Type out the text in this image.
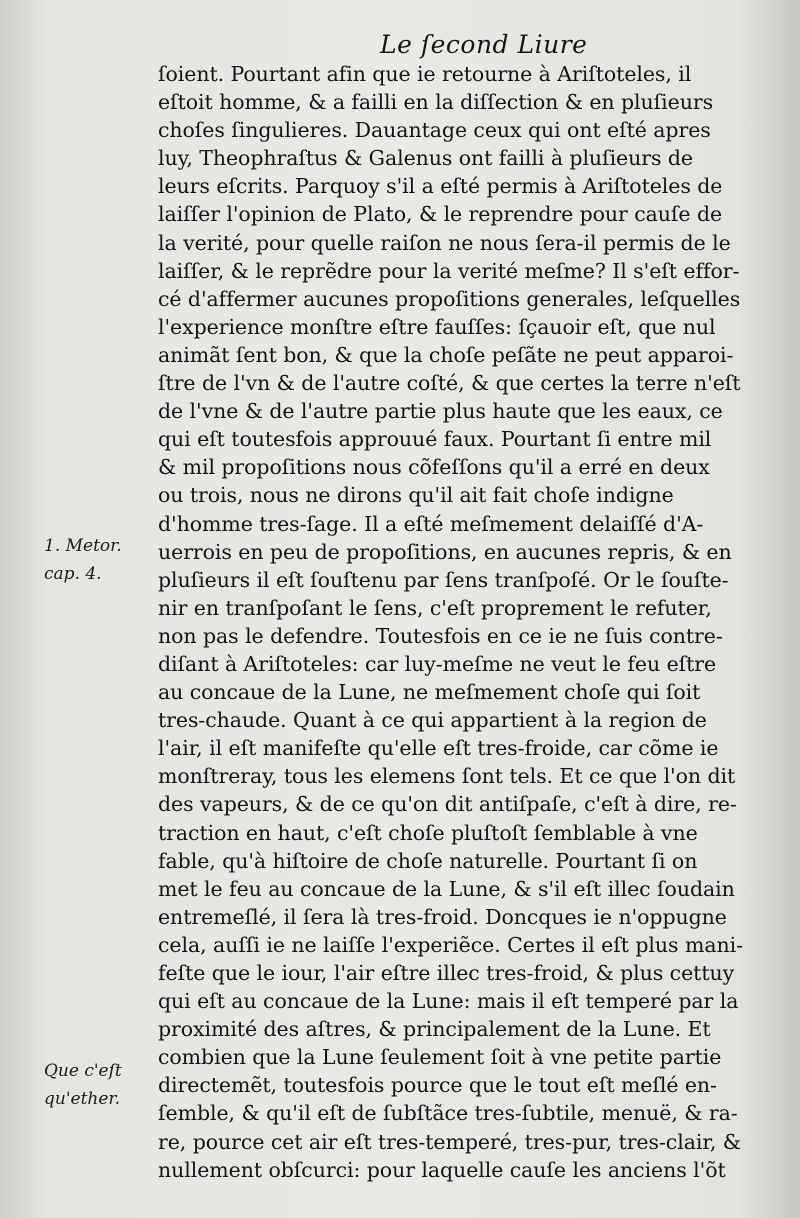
Le ſecond Liure
ſoient. Pourtant afin que ie retourne à Ariſtoteles, il
eſtoit homme, & a failli en la diſſection & en pluſieurs
choſes ſingulieres. Dauantage ceux qui ont eſté apres
luy, Theophraſtus & Galenus ont failli à pluſieurs de
leurs eſcrits. Parquoy s'il a eſté permis à Ariſtoteles de
laiſſer l'opinion de Plato, & le reprendre pour cauſe de
la verité, pour quelle raiſon ne nous ſera-il permis de le
laiſſer, & le reprẽdre pour la verité meſme? Il s'eſt effor-
cé d'affermer aucunes propoſitions generales, leſquelles
l'experience monſtre eſtre fauſſes: ſçauoir eſt, que nul
animãt ſent bon, & que la choſe peſãte ne peut apparoi-
ſtre de l'vn & de l'autre coſté, & que certes la terre n'eſt
de l'vne & de l'autre partie plus haute que les eaux, ce
qui eſt toutesfois approuué faux. Pourtant ſi entre mil
& mil propoſitions nous cõfeſſons qu'il a erré en deux
ou trois, nous ne dirons qu'il ait fait choſe indigne
d'homme tres-ſage. Il a eſté meſmement delaiſſé d'A-
uerrois en peu de propoſitions, en aucunes repris, & en
pluſieurs il eſt ſouſtenu par ſens tranſpoſé. Or le ſouſte-
nir en tranſpoſant le ſens, c'eſt proprement le refuter,
non pas le defendre. Toutesfois en ce ie ne ſuis contre-
diſant à Ariſtoteles: car luy-meſme ne veut le feu eſtre
au concaue de la Lune, ne meſmement choſe qui ſoit
tres-chaude. Quant à ce qui appartient à la region de
l'air, il eſt manifeſte qu'elle eſt tres-froide, car cõme ie
monſtreray, tous les elemens ſont tels. Et ce que l'on dit
des vapeurs, & de ce qu'on dit antiſpaſe, c'eſt à dire, re-
traction en haut, c'eſt choſe pluſtoſt ſemblable à vne
fable, qu'à hiſtoire de choſe naturelle. Pourtant ſi on
met le feu au concaue de la Lune, & s'il eſt illec ſoudain
entremeſlé, il ſera là tres-froid. Doncques ie n'oppugne
cela, auſſi ie ne laiſſe l'experiẽce. Certes il eſt plus mani-
feſte que le iour, l'air eſtre illec tres-froid, & plus cettuy
qui eſt au concaue de la Lune: mais il eſt temperé par la
proximité des aſtres, & principalement de la Lune. Et
combien que la Lune ſeulement ſoit à vne petite partie
directemẽt, toutesfois pource que le tout eſt meſlé en-
ſemble, & qu'il eſt de ſubſtãce tres-ſubtile, menuë, & ra-
re, pource cet air eſt tres-temperé, tres-pur, tres-clair, &
nullement obſcurci: pour laquelle cauſe les anciens l'õt
1. Metor.
cap. 4.
Que c'eſt
qu'ether.
